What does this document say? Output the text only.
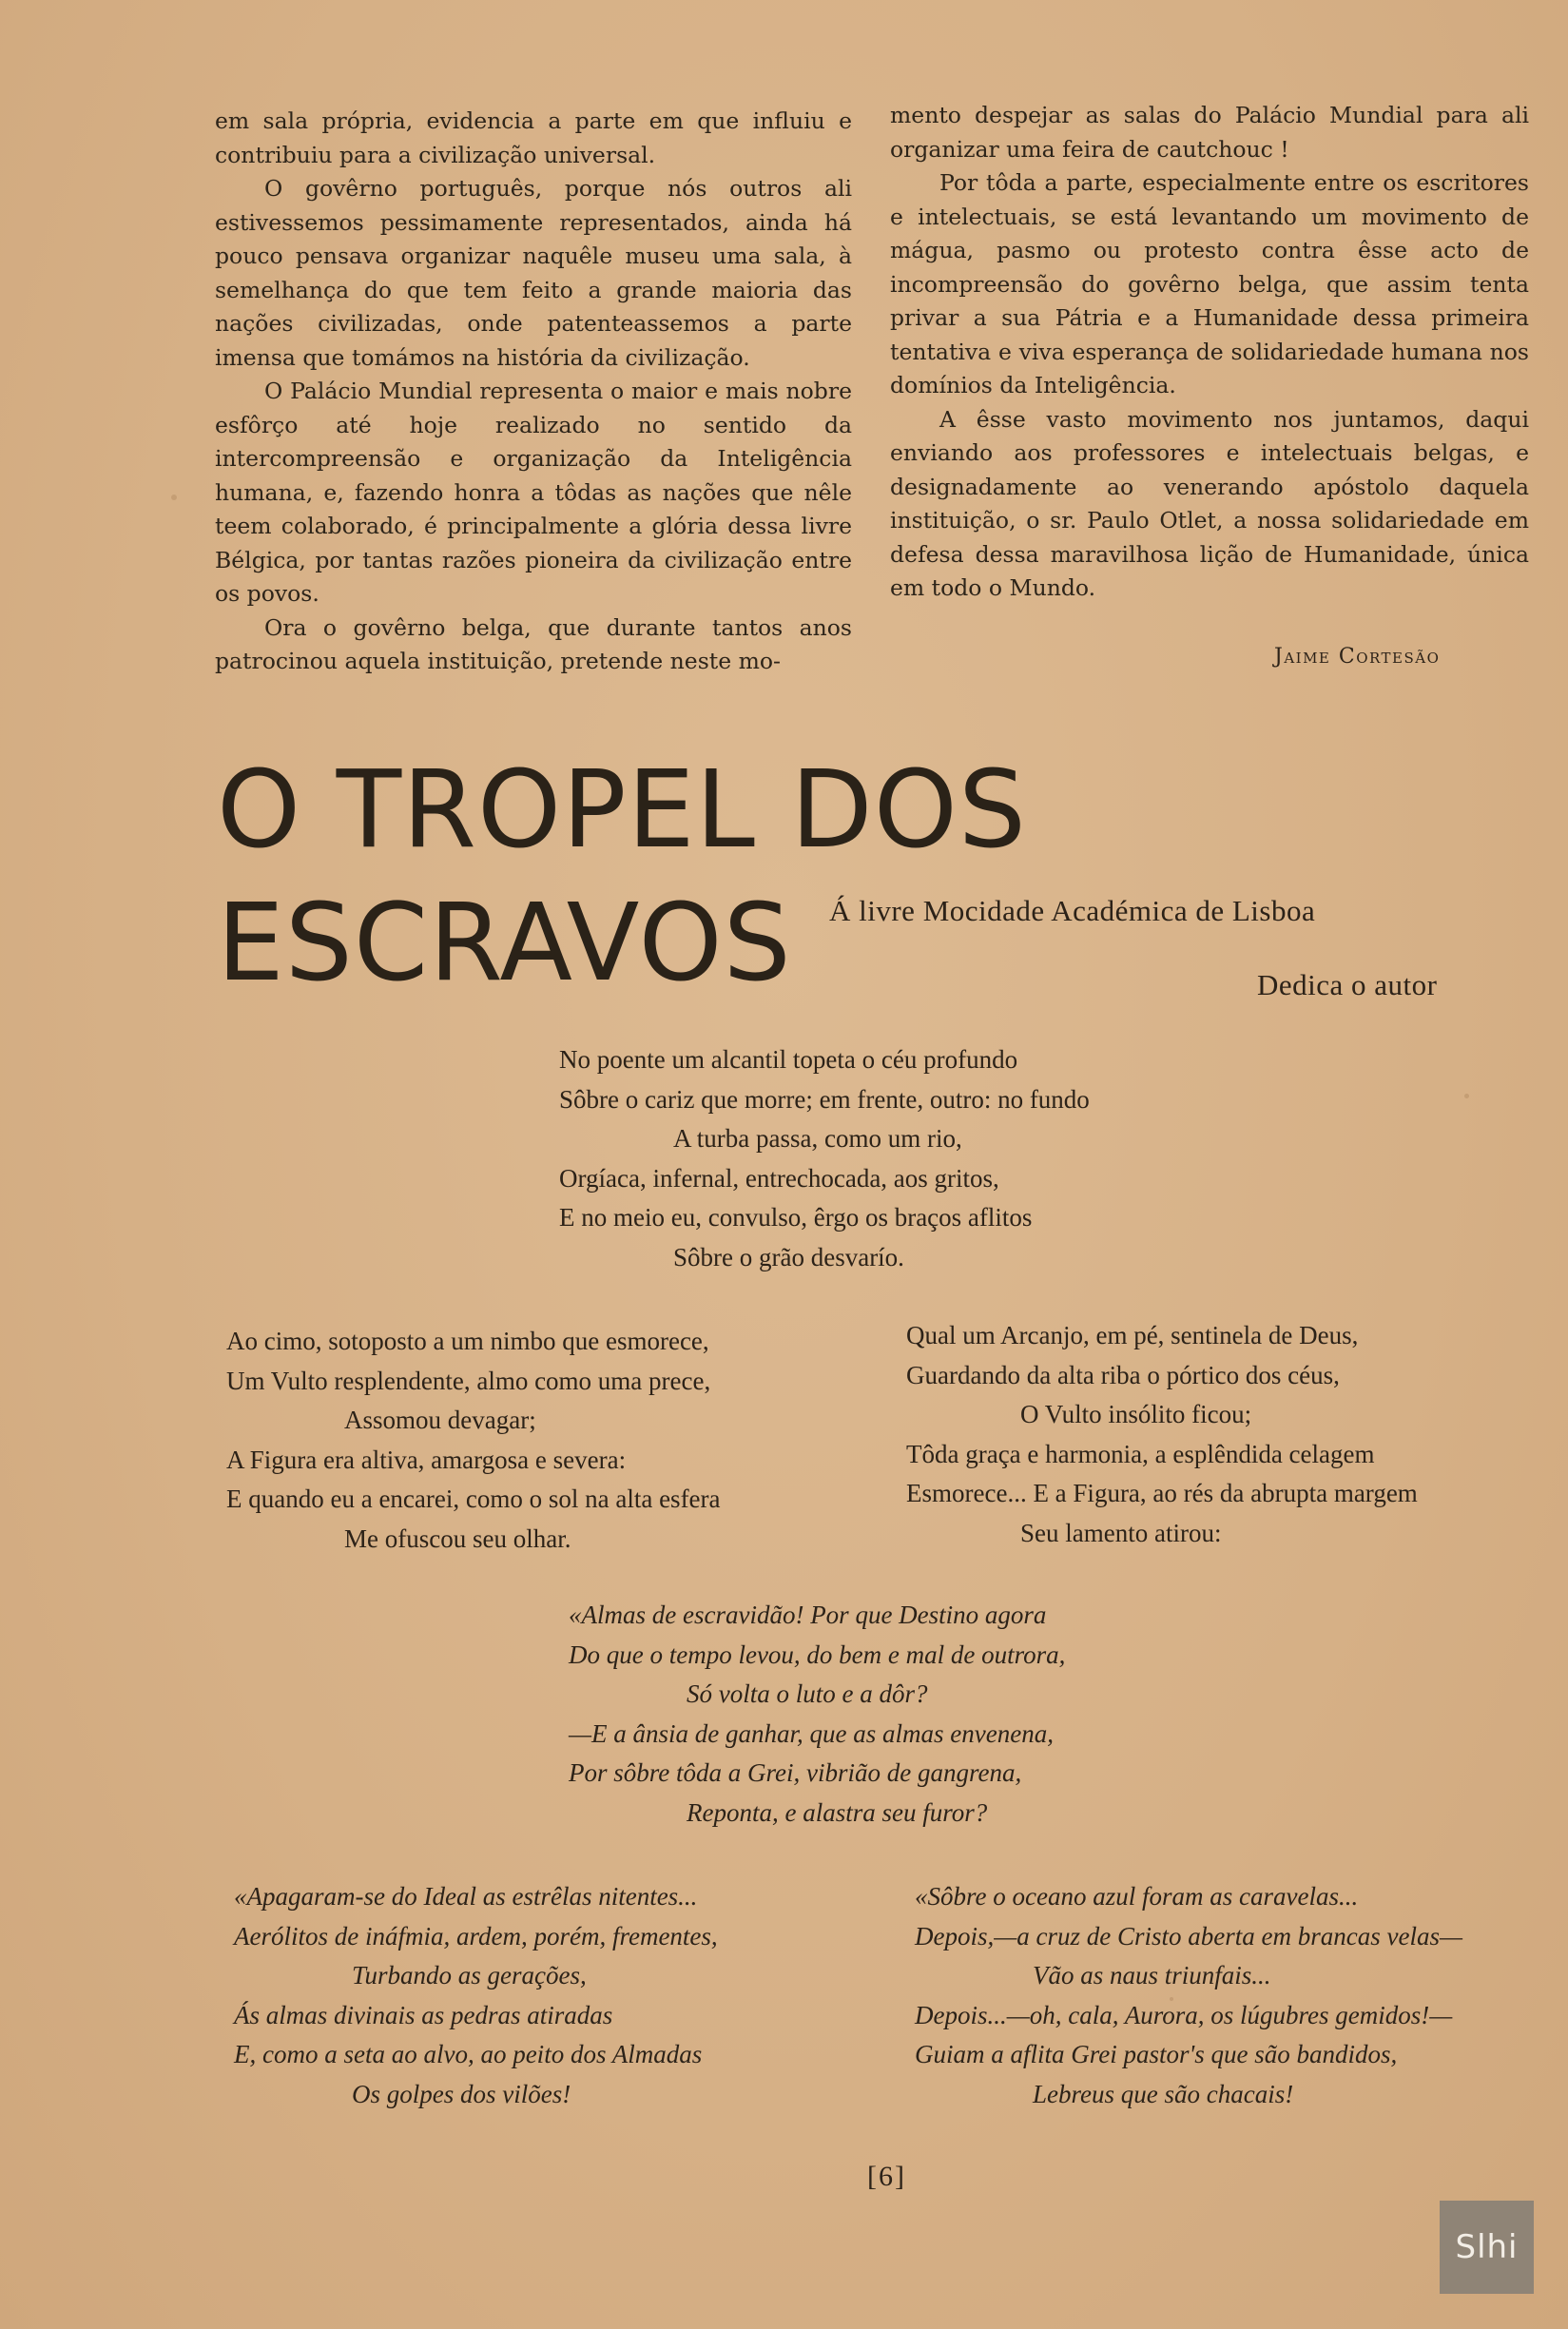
em sala própria, evidencia a parte em que influiu e contribuiu para a civilização universal.

O govêrno português, porque nós outros ali estivessemos pessimamente representados, ainda há pouco pensava organizar naquêle museu uma sala, à semelhança do que tem feito a grande maioria das nações civilizadas, onde patenteassemos a parte imensa que tomámos na história da civilização.

O Palácio Mundial representa o maior e mais nobre esfôrço até hoje realizado no sentido da intercompreensão e organização da Inteligência humana, e, fazendo honra a tôdas as nações que nêle teem colaborado, é principalmente a glória dessa livre Bélgica, por tantas razões pioneira da civilização entre os povos.

Ora o govêrno belga, que durante tantos anos patrocinou aquela instituição, pretende neste mo-

mento despejar as salas do Palácio Mundial para ali organizar uma feira de cautchouc !

Por tôda a parte, especialmente entre os escritores e intelectuais, se está levantando um movimento de mágua, pasmo ou protesto contra êsse acto de incompreensão do govêrno belga, que assim tenta privar a sua Pátria e a Humanidade dessa primeira tentativa e viva esperança de solidariedade humana nos domínios da Inteligência.

A êsse vasto movimento nos juntamos, daqui enviando aos professores e intelectuais belgas, e designadamente ao venerando apóstolo daquela instituição, o sr. Paulo Otlet, a nossa solidariedade em defesa dessa maravilhosa lição de Humanidade, única em todo o Mundo.

Jaime Cortesão
O TROPEL DOS ESCRAVOS	Á livre Mocidade Académica de Lisboa
Dedica o autor
No poente um alcantil topeta o céu profundo
Sôbre o cariz que morre; em frente, outro: no fundo
A turba passa, como um rio,
Orgíaca, infernal, entrechocada, aos gritos,
E no meio eu, convulso, êrgo os braços aflitos
Sôbre o grão desvarío.
Ao cimo, sotoposto a um nimbo que esmorece,
Um Vulto resplendente, almo como uma prece,
Assomou devagar;
A Figura era altiva, amargosa e severa:
E quando eu a encarei, como o sol na alta esfera
Me ofuscou seu olhar.
Qual um Arcanjo, em pé, sentinela de Deus,
Guardando da alta riba o pórtico dos céus,
O Vulto insólito ficou;
Tôda graça e harmonia, a esplêndida celagem
Esmorece... E a Figura, ao rés da abrupta margem
Seu lamento atirou:
«Almas de escravidão! Por que Destino agora
Do que o tempo levou, do bem e mal de outrora,
Só volta o luto e a dôr?
—E a ânsia de ganhar, que as almas envenena,
Por sôbre tôda a Grei, vibrião de gangrena,
Reponta, e alastra seu furor?
«Apagaram-se do Ideal as estrêlas nitentes...
Aerólitos de ináfmia, ardem, porém, frementes,
Turbando as gerações,
Ás almas divinais as pedras atiradas
E, como a seta ao alvo, ao peito dos Almadas
Os golpes dos vilões!
«Sôbre o oceano azul foram as caravelas...
Depois,—a cruz de Cristo aberta em brancas velas—
Vão as naus triunfais...
Depois...—oh, cala, Aurora, os lúgubres gemidos!—
Guiam a aflita Grei pastor's que são bandidos,
Lebreus que são chacais!
[6]
Slhi
